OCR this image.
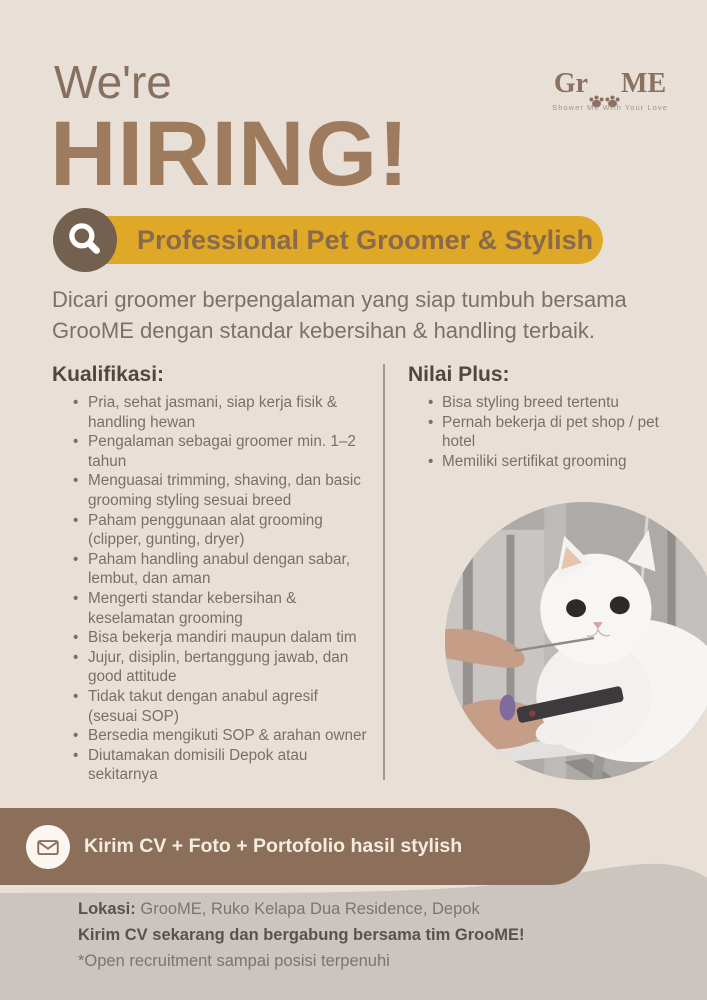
We're
HIRING!
Gr ME
Shower Me With Your Love
Professional Pet Groomer & Stylish
Dicari groomer berpengalaman yang siap tumbuh bersama
GrooME dengan standar kebersihan & handling terbaik.
Kualifikasi:	Nilai Plus:
• Pria, sehat jasmani, siap kerja fisik & handling hewan
• Pengalaman sebagai groomer min. 1–2 tahun
• Menguasai trimming, shaving, dan basic grooming styling sesuai breed
• Paham penggunaan alat grooming (clipper, gunting, dryer)
• Paham handling anabul dengan sabar, lembut, dan aman
• Mengerti standar kebersihan & keselamatan grooming
• Bisa bekerja mandiri maupun dalam tim
• Jujur, disiplin, bertanggung jawab, dan good attitude
• Tidak takut dengan anabul agresif (sesuai SOP)
• Bersedia mengikuti SOP & arahan owner
• Diutamakan domisili Depok atau sekitarnya
• Bisa styling breed tertentu
• Pernah bekerja di pet shop / pet hotel
• Memiliki sertifikat grooming
Kirim CV + Foto + Portofolio hasil stylish
Lokasi: GrooME, Ruko Kelapa Dua Residence, Depok
Kirim CV sekarang dan bergabung bersama tim GrooME!
*Open recruitment sampai posisi terpenuhi
